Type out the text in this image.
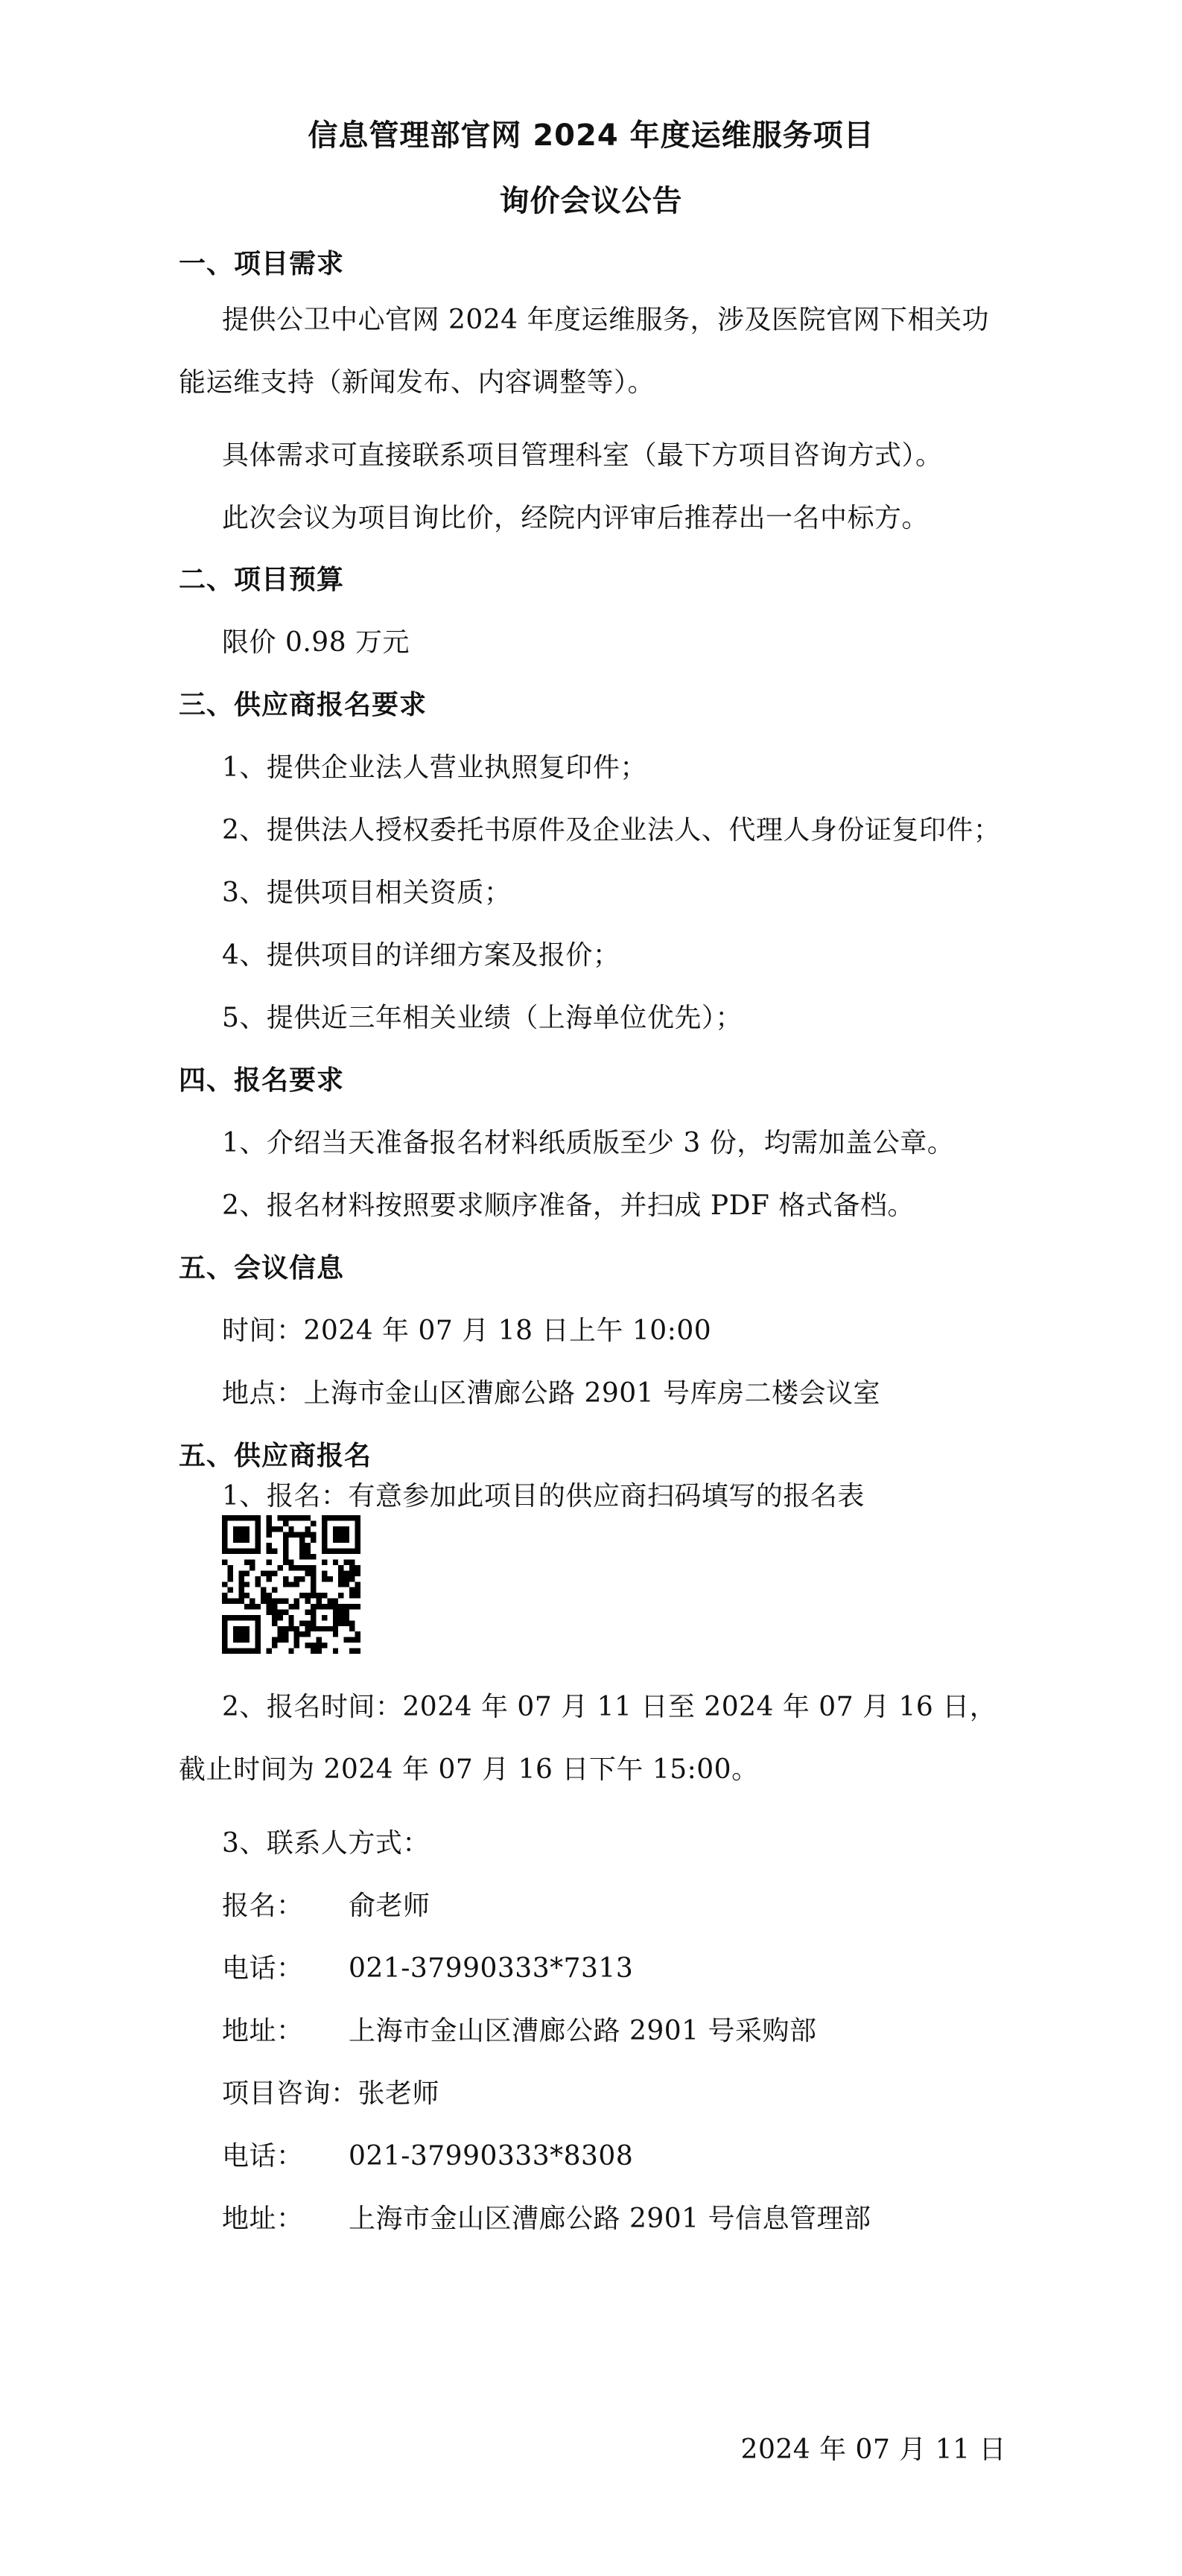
信息管理部官网 2024 年度运维服务项目
询价会议公告
一、项目需求
提供公卫中心官网 2024 年度运维服务，涉及医院官网下相关功能运维支持（新闻发布、内容调整等）。
具体需求可直接联系项目管理科室（最下方项目咨询方式）。
此次会议为项目询比价，经院内评审后推荐出一名中标方。
二、项目预算
限价 0.98 万元
三、供应商报名要求
1、提供企业法人营业执照复印件；
2、提供法人授权委托书原件及企业法人、代理人身份证复印件；
3、提供项目相关资质；
4、提供项目的详细方案及报价；
5、提供近三年相关业绩（上海单位优先）；
四、报名要求
1、介绍当天准备报名材料纸质版至少 3 份，均需加盖公章。
2、报名材料按照要求顺序准备，并扫成 PDF 格式备档。
五、会议信息
时间：2024 年 07 月 18 日上午 10:00
地点：上海市金山区漕廊公路 2901 号库房二楼会议室
五、供应商报名
1、报名：有意参加此项目的供应商扫码填写的报名表
2、报名时间：2024 年 07 月 11 日至 2024 年 07 月 16 日，截止时间为 2024 年 07 月 16 日下午 15:00。
3、联系人方式：
报名： 俞老师
电话： 021-37990333*7313
地址： 上海市金山区漕廊公路 2901 号采购部
项目咨询：张老师
电话： 021-37990333*8308
地址： 上海市金山区漕廊公路 2901 号信息管理部
2024 年 07 月 11 日
